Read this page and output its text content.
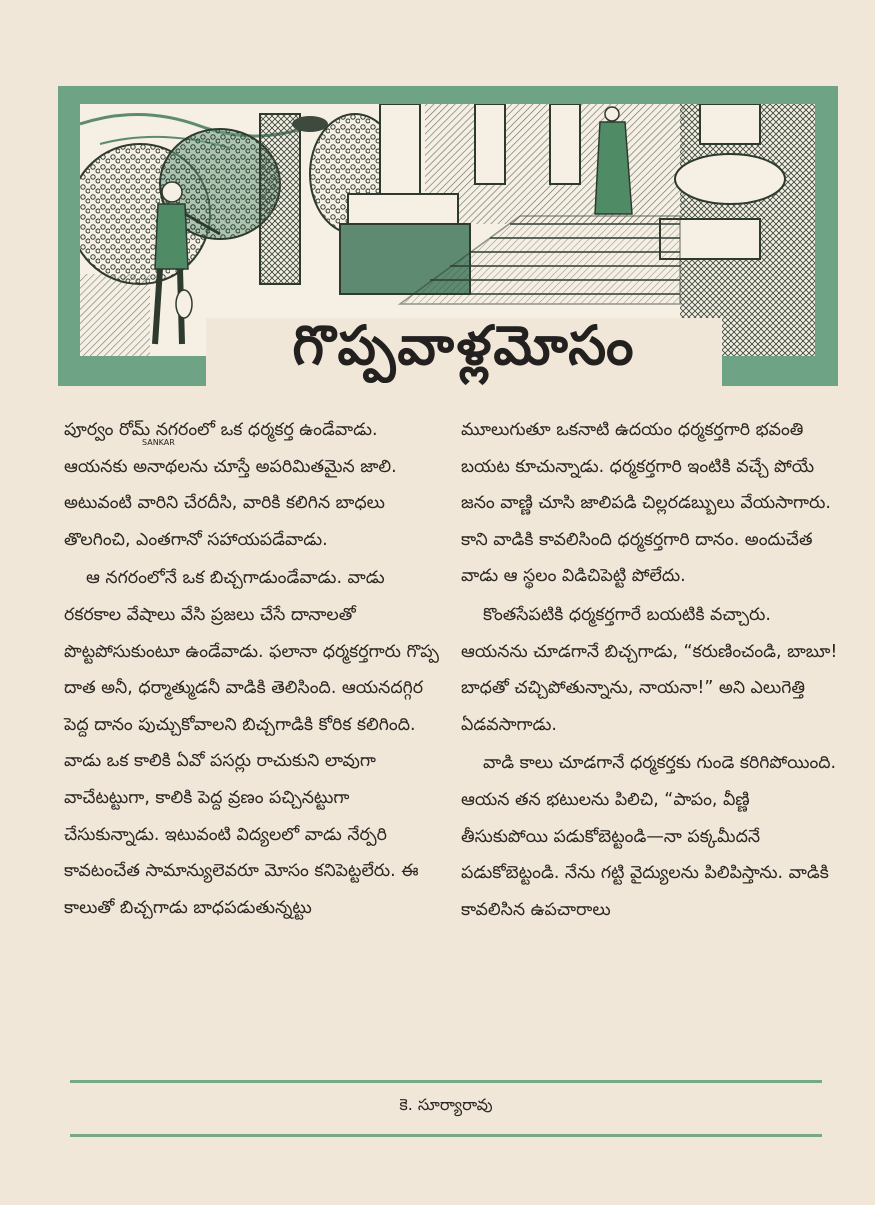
గొప్పవాళ్లమోసం
SANKAR

పూర్వం రోమ్ నగరంలో ఒక ధర్మకర్త ఉండేవాడు. ఆయనకు అనాథలను చూస్తే అపరిమితమైన జాలి. అటువంటి వారిని చేరదీసి, వారికి కలిగిన బాధలు తొలగించి, ఎంతగానో సహాయపడేవాడు.

ఆ నగరంలోనే ఒక బిచ్చగాడుండేవాడు. వాడు రకరకాల వేషాలు వేసి ప్రజలు చేసే దానాలతో పొట్టపోసుకుంటూ ఉండేవాడు. ఫలానా ధర్మకర్తగారు గొప్ప దాత అనీ, ధర్మాత్ముడనీ వాడికి తెలిసింది. ఆయనదగ్గిర పెద్ద దానం పుచ్చుకోవాలని బిచ్చగాడికి కోరిక కలిగింది. వాడు ఒక కాలికి ఏవో పసర్లు రాచుకుని లావుగా వాచేటట్టుగా, కాలికి పెద్ద వ్రణం పచ్చినట్టుగా చేసుకున్నాడు. ఇటువంటి విద్యలలో వాడు నేర్పరి కావటంచేత సామాన్యులెవరూ మోసం కనిపెట్టలేరు. ఈ కాలుతో బిచ్చగాడు బాధపడుతున్నట్టు

మూలుగుతూ ఒకనాటి ఉదయం ధర్మకర్తగారి భవంతి బయట కూచున్నాడు. ధర్మకర్తగారి ఇంటికి వచ్చే పోయే జనం వాణ్ణి చూసి జాలిపడి చిల్లరడబ్బులు వేయసాగారు. కాని వాడికి కావలిసింది ధర్మకర్తగారి దానం. అందుచేత వాడు ఆ స్థలం విడిచిపెట్టి పోలేదు.

కొంతసేపటికి ధర్మకర్తగారే బయటికి వచ్చారు. ఆయనను చూడగానే బిచ్చగాడు, “కరుణించండి, బాబూ! బాధతో చచ్చిపోతున్నాను, నాయనా!” అని ఎలుగెత్తి ఏడవసాగాడు.

వాడి కాలు చూడగానే ధర్మకర్తకు గుండె కరిగిపోయింది. ఆయన తన భటులను పిలిచి, “పాపం, వీణ్ణి తీసుకుపోయి పడుకోబెట్టండి—నా పక్కమీదనే పడుకోబెట్టండి. నేను గట్టి వైద్యులను పిలిపిస్తాను. వాడికి కావలిసిన ఉపచారాలు

కె. సూర్యారావు
